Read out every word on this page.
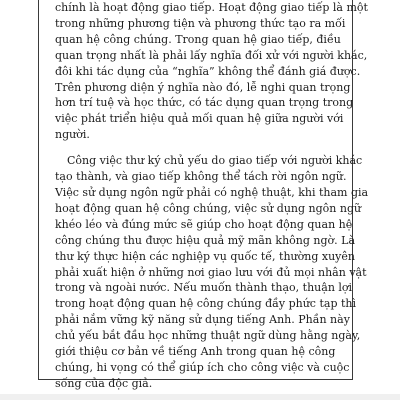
chính là hoạt động giao tiếp. Hoạt động giao tiếp là một
trong những phương tiện và phương thức tạo ra mối
quan hệ công chúng. Trong quan hệ giao tiếp, điều
quan trọng nhất là phải lấy nghĩa đối xử với người khác,
đôi khi tác dụng của “nghĩa” không thể đánh giá được.
Trên phương diện ý nghĩa nào đó, lễ nghi quan trọng
hơn trí tuệ và học thức, có tác dụng quan trọng trong
việc phát triển hiệu quả mối quan hệ giữa người với
người.
Công việc thư ký chủ yếu do giao tiếp với người khác
tạo thành, và giao tiếp không thể tách rời ngôn ngữ.
Việc sử dụng ngôn ngữ phải có nghệ thuật, khi tham gia
hoạt động quan hệ công chúng, việc sử dụng ngôn ngữ
khéo léo và đúng mức sẽ giúp cho hoạt động quan hệ
công chúng thu được hiệu quả mỹ mãn không ngờ. Là
thư ký thực hiện các nghiệp vụ quốc tế, thường xuyên
phải xuất hiện ở những nơi giao lưu với đủ mọi nhân vật
trong và ngoài nước. Nếu muốn thành thạo, thuận lợi
trong hoạt động quan hệ công chúng đầy phức tạp thì
phải nắm vững kỹ năng sử dụng tiếng Anh. Phần này
chủ yếu bắt đầu học những thuật ngữ dùng hằng ngày,
giới thiệu cơ bản về tiếng Anh trong quan hệ công
chúng, hi vọng có thể giúp ích cho công việc và cuộc
sống của độc giả.
